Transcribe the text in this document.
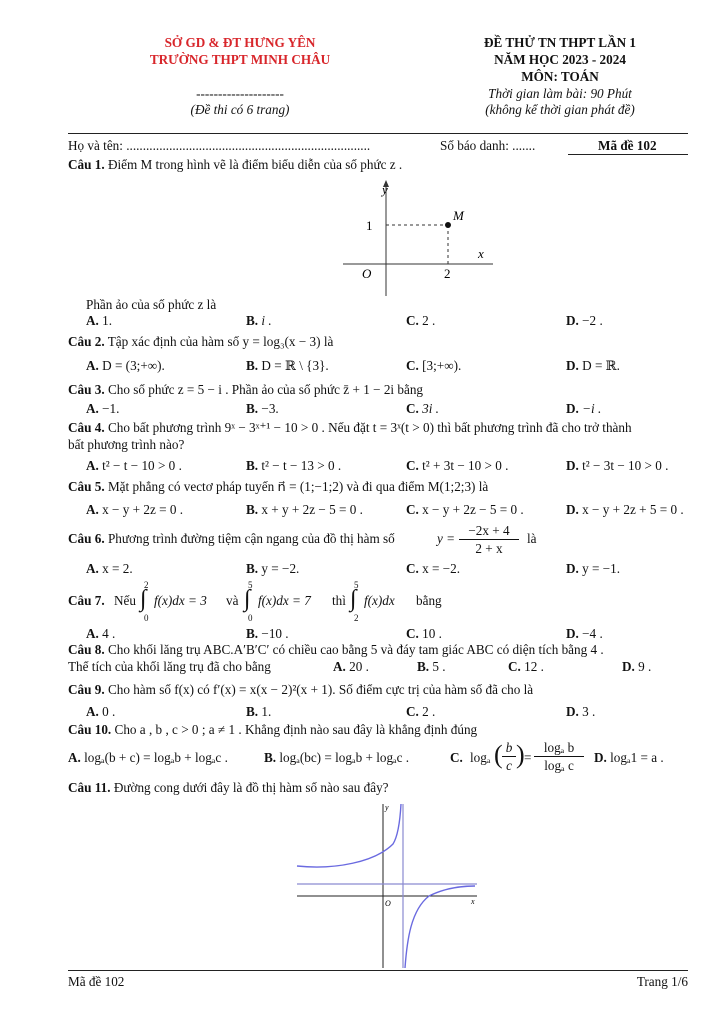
SỞ GD & ĐT HƯNG YÊN
TRƯỜNG THPT MINH CHÂU
--------------------
(Đề thi có 6 trang)
ĐỀ THỬ TN THPT LẦN 1
NĂM HỌC 2023 - 2024
MÔN: TOÁN
Thời gian làm bài: 90 Phút
(không kể thời gian phát đề)
Họ và tên: ..........................................................................	Số báo danh: .......	Mã đề 102
Câu 1. Điểm M trong hình vẽ là điểm biểu diễn của số phức z .
y
x
O
1
2
M
Phần ảo của số phức z là
A. 1.	B. i .	C. 2 .	D. −2 .
Câu 2. Tập xác định của hàm số y = log₃(x − 3) là
A. D = (3;+∞).	B. D = ℝ \ {3}.	C. [3;+∞).	D. D = ℝ.
Câu 3. Cho số phức z = 5 − i . Phần ảo của số phức z̄ + 1 − 2i bằng
A. −1.	B. −3.	C. 3i .	D. −i .
Câu 4. Cho bất phương trình 9ˣ − 3ˣ⁺¹ − 10 > 0 . Nếu đặt t = 3ˣ(t > 0) thì bất phương trình đã cho trở thành
bất phương trình nào?
A. t² − t − 10 > 0 .	B. t² − t − 13 > 0 .	C. t² + 3t − 10 > 0 .	D. t² − 3t − 10 > 0 .
Câu 5. Mặt phẳng có vectơ pháp tuyến n⃗ = (1;−1;2) và đi qua điểm M(1;2;3) là
A. x − y + 2z = 0 .	B. x + y + 2z − 5 = 0 .	C. x − y + 2z − 5 = 0 .	D. x − y + 2z + 5 = 0 .
Câu 6. Phương trình đường tiệm cận ngang của đồ thị hàm số	y =
−2x + 4
2 + x
là
A. x = 2.	B. y = −2.	C. x = −2.	D. y = −1.
Câu 7. Nếu
2
∫
0
f(x)dx = 3 và
5
∫
0
f(x)dx = 7 thì
5
∫
2
f(x)dx bằng
A. 4 .	B. −10 .	C. 10 .	D. −4 .
Câu 8. Cho khối lăng trụ ABC.A′B′C′ có chiều cao bằng 5 và đáy tam giác ABC có diện tích bằng 4 .
Thể tích của khối lăng trụ đã cho bằng	A. 20 .	B. 5 .	C. 12 .	D. 9 .
Câu 9. Cho hàm số f(x) có f′(x) = x(x − 2)²(x + 1). Số điểm cực trị của hàm số đã cho là
A. 0 .	B. 1.	C. 2 .	D. 3 .
Câu 10. Cho a , b , c > 0 ; a ≠ 1 . Khẳng định nào sau đây là khẳng định đúng
A. logₐ(b + c) = logₐb + logₐc .	B. logₐ(bc) = logₐb + logₐc .	C. logₐ ( b
c ) =
logₐ b
logₐ c
D. logₐ1 = a .
Câu 11. Đường cong dưới đây là đồ thị hàm số nào sau đây?
O
y
x
Mã đề 102	Trang 1/6
